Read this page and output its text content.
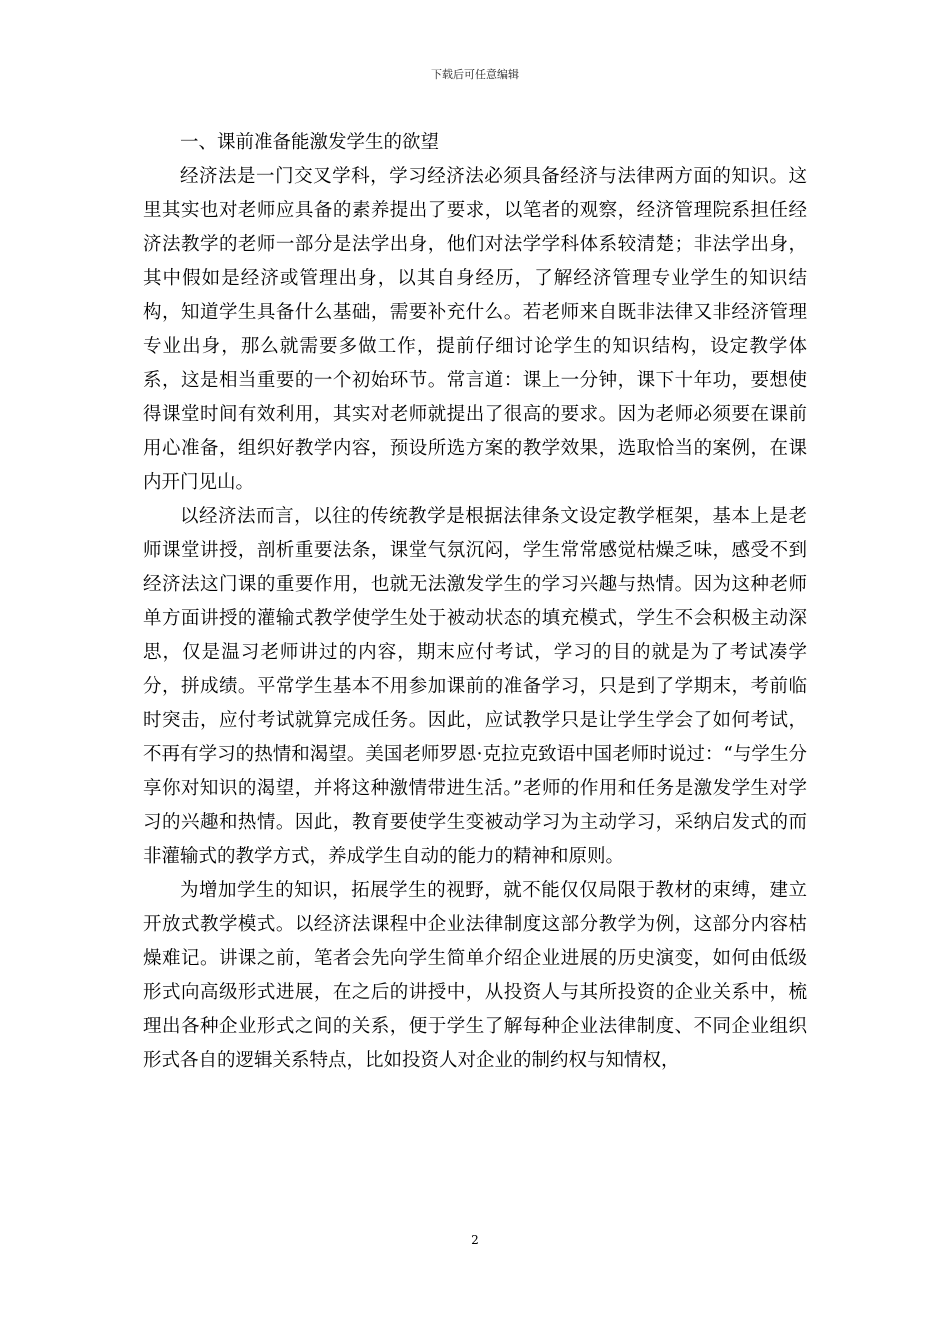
下载后可任意编辑

一、课前准备能激发学生的欲望

经济法是一门交叉学科，学习经济法必须具备经济与法律两方面的知识。这里其实也对老师应具备的素养提出了要求，以笔者的观察，经济管理院系担任经济法教学的老师一部分是法学出身，他们对法学学科体系较清楚；非法学出身，其中假如是经济或管理出身，以其自身经历，了解经济管理专业学生的知识结构，知道学生具备什么基础，需要补充什么。若老师来自既非法律又非经济管理专业出身，那么就需要多做工作，提前仔细讨论学生的知识结构，设定教学体系，这是相当重要的一个初始环节。常言道：课上一分钟，课下十年功，要想使得课堂时间有效利用，其实对老师就提出了很高的要求。因为老师必须要在课前用心准备，组织好教学内容，预设所选方案的教学效果，选取恰当的案例，在课内开门见山。

以经济法而言，以往的传统教学是根据法律条文设定教学框架，基本上是老师课堂讲授，剖析重要法条，课堂气氛沉闷，学生常常感觉枯燥乏味，感受不到经济法这门课的重要作用，也就无法激发学生的学习兴趣与热情。因为这种老师单方面讲授的灌输式教学使学生处于被动状态的填充模式，学生不会积极主动深思，仅是温习老师讲过的内容，期末应付考试，学习的目的就是为了考试凑学分，拼成绩。平常学生基本不用参加课前的准备学习，只是到了学期末，考前临时突击，应付考试就算完成任务。因此，应试教学只是让学生学会了如何考试，不再有学习的热情和渴望。美国老师罗恩·克拉克致语中国老师时说过：“与学生分享你对知识的渴望，并将这种激情带进生活。”老师的作用和任务是激发学生对学习的兴趣和热情。因此，教育要使学生变被动学习为主动学习，采纳启发式的而非灌输式的教学方式，养成学生自动的能力的精神和原则。

为增加学生的知识，拓展学生的视野，就不能仅仅局限于教材的束缚，建立开放式教学模式。以经济法课程中企业法律制度这部分教学为例，这部分内容枯燥难记。讲课之前，笔者会先向学生简单介绍企业进展的历史演变，如何由低级形式向高级形式进展，在之后的讲授中，从投资人与其所投资的企业关系中，梳理出各种企业形式之间的关系，便于学生了解每种企业法律制度、不同企业组织形式各自的逻辑关系特点，比如投资人对企业的制约权与知情权，

2
